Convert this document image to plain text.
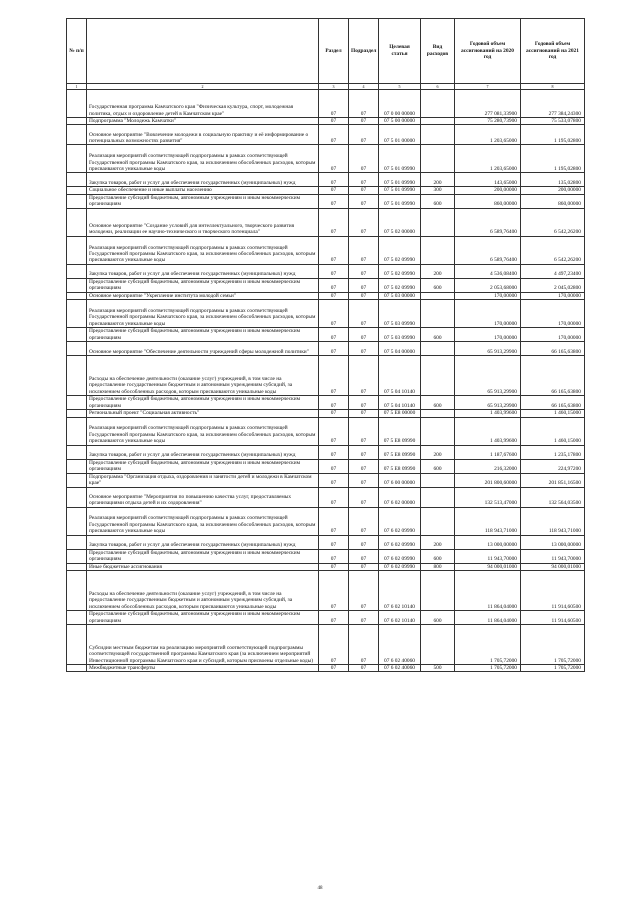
№ п/п		Раздел	Подраздел	Целевая статья	Вид расходов	Годовой объем ассигнований на 2020 год	Годовой объем ассигнований на 2021 год
1	2	3	4	5	6	7	8
	Государственная программа Камчатского края "Физическая культура, спорт, молодежная политика, отдых и оздоровление детей в Камчатском крае"	07	07	07 0 00 00000		277 081,33900	277 384,24300
	Подпрограмма "Молодежь Камчатки"	07	07	07 5 00 00000		75 280,73900	75 533,07800
	Основное мероприятие "Вовлечение молодежи в социальную практику и её информирование о потенциальных возможностях развития"	07	07	07 5 01 00000		1 203,65000	1 195,02800
	Реализация мероприятий соответствующей подпрограммы в рамках соответствующей Государственной программы Камчатского края, за исключением обособленных расходов, которым присваиваются уникальные коды	07	07	07 5 01 09990		1 203,65000	1 195,02800
	Закупка товаров, работ и услуг для обеспечения государственных (муниципальных) нужд	07	07	07 5 01 09990	200	143,65000	135,02800
	Социальное обеспечение и иные выплаты населению	07	07	07 5 01 09990	300	200,00000	200,00000
	Предоставление субсидий бюджетным, автономным учреждениям и иным некоммерческим организациям	07	07	07 5 01 09990	600	860,00000	860,00000
	Основное мероприятие "Создание условий для интеллектуального, творческого развития молодежи, реализации ее научно-технического и творческого потенциала"	07	07	07 5 02 00000		6 589,76400	6 542,26200
	Реализация мероприятий соответствующей подпрограммы в рамках соответствующей Государственной программы Камчатского края, за исключением обособленных расходов, которым присваиваются уникальные коды	07	07	07 5 02 09990		6 589,76400	6 542,26200
	Закупка товаров, работ и услуг для обеспечения государственных (муниципальных) нужд	07	07	07 5 02 09990	200	4 536,08400	4 497,23400
	Предоставление субсидий бюджетным, автономным учреждениям и иным некоммерческим организациям	07	07	07 5 02 09990	600	2 053,68000	2 045,02800
	Основное мероприятие "Укрепление института молодой семьи"	07	07	07 5 03 00000		170,00000	170,00000
	Реализация мероприятий соответствующей подпрограммы в рамках соответствующей Государственной программы Камчатского края, за исключением обособленных расходов, которым присваиваются уникальные коды	07	07	07 5 03 09990		170,00000	170,00000
	Предоставление субсидий бюджетным, автономным учреждениям и иным некоммерческим организациям	07	07	07 5 03 09990	600	170,00000	170,00000
	Основное мероприятие "Обеспечение деятельности учреждений сферы молодежной политики"	07	07	07 5 04 00000		65 913,29900	66 165,63800
	Расходы на обеспечение деятельности (оказание услуг) учреждений, в том числе на предоставление государственным бюджетным и автономным учреждениям субсидий, за исключением обособленных расходов, которым присваиваются уникальные коды	07	07	07 5 04 10140		65 913,29900	66 165,63800
	Предоставление субсидий бюджетным, автономным учреждениям и иным некоммерческим организациям	07	07	07 5 04 10140	600	65 913,29900	66 165,63800
	Региональный проект "Социальная активность"	07	07	07 5 E8 00000		1 403,99600	1 460,15000
	Реализация мероприятий соответствующей подпрограммы в рамках соответствующей Государственной программы Камчатского края, за исключением обособленных расходов, которым присваиваются уникальные коды	07	07	07 5 E8 09990		1 403,99600	1 460,15000
	Закупка товаров, работ и услуг для обеспечения государственных (муниципальных) нужд	07	07	07 5 E8 09990	200	1 187,67600	1 235,17800
	Предоставление субсидий бюджетным, автономным учреждениям и иным некоммерческим организациям	07	07	07 5 E8 09990	600	216,32000	224,97200
	Подпрограмма "Организация отдыха, оздоровления и занятости детей и молодежи в Камчатском крае"	07	07	07 6 00 00000		201 800,60000	201 851,16500
	Основное мероприятие "Мероприятия по повышению качества услуг, предоставляемых организациями отдыха детей и их оздоровления"	07	07	07 6 02 00000		132 513,47000	132 564,03500
	Реализация мероприятий соответствующей подпрограммы в рамках соответствующей Государственной программы Камчатского края, за исключением обособленных расходов, которым присваиваются уникальные коды	07	07	07 6 02 09990		118 943,71000	118 943,71000
	Закупка товаров, работ и услуг для обеспечения государственных (муниципальных) нужд	07	07	07 6 02 09990	200	13 000,00000	13 000,00000
	Предоставление субсидий бюджетным, автономным учреждениям и иным некоммерческим организациям	07	07	07 6 02 09990	600	11 943,70000	11 943,70000
	Иные бюджетные ассигнования	07	07	07 6 02 09990	800	94 000,01000	94 000,01000
	Расходы на обеспечение деятельности (оказание услуг) учреждений, в том числе на предоставление государственным бюджетным и автономным учреждениям субсидий, за исключением обособленных расходов, которым присваиваются уникальные коды	07	07	07 6 02 10140		11 864,04000	11 914,60500
	Предоставление субсидий бюджетным, автономным учреждениям и иным некоммерческим организациям	07	07	07 6 02 10140	600	11 864,04000	11 914,60500
	Субсидии местным бюджетам на реализацию мероприятий соответствующей подпрограммы соответствующей государственной программы Камчатского края (за исключением мероприятий Инвестиционной программы Камчатского края и субсидий, которым присвоены отдельные коды)	07	07	07 6 02 40060		1 705,72000	1 705,72000
	Межбюджетные трансферты	07	07	07 6 02 40060	500	1 705,72000	1 705,72000
48
